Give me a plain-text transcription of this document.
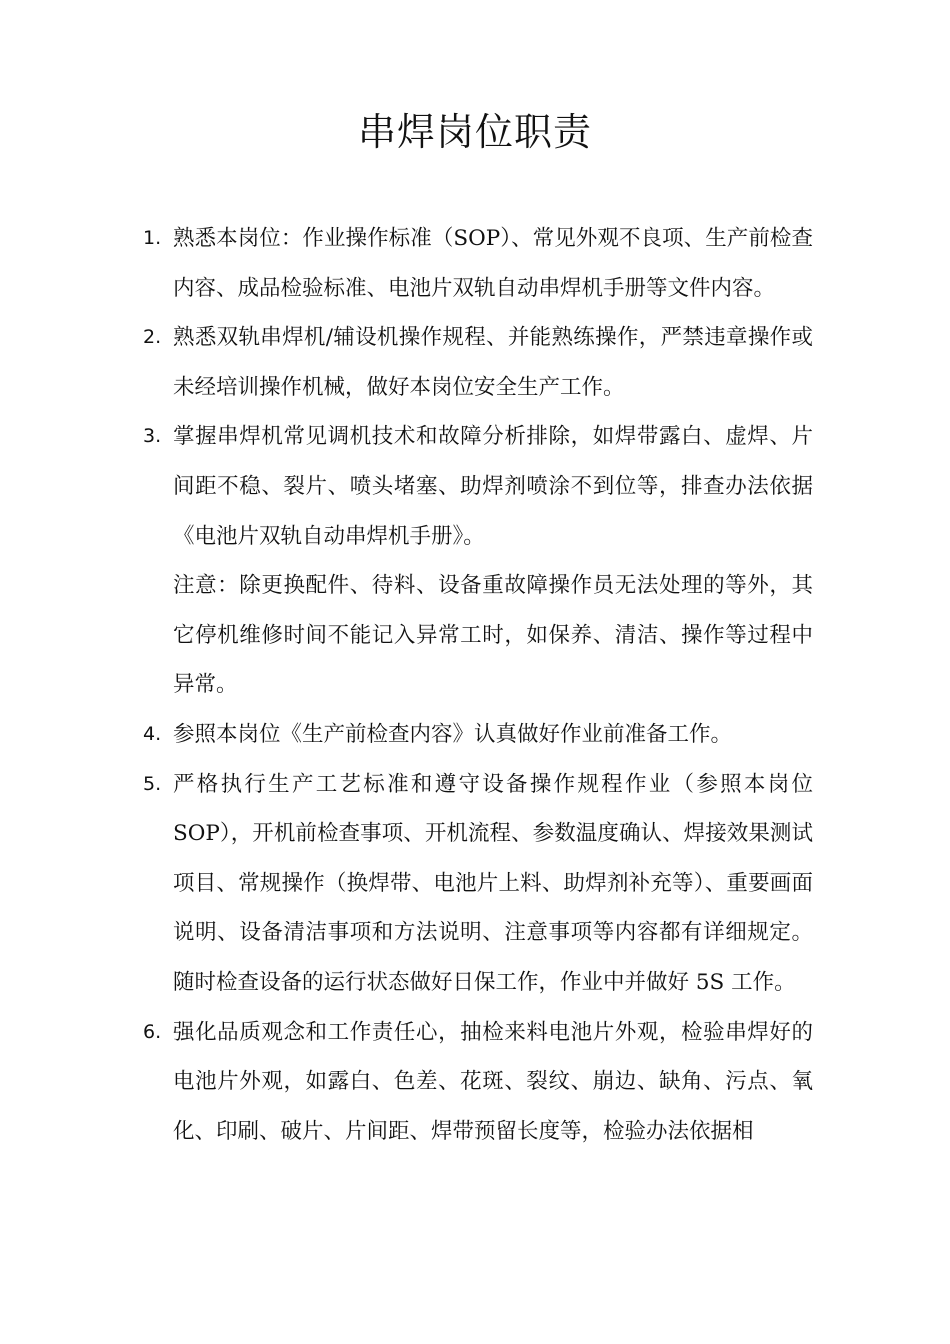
串焊岗位职责
1. 熟悉本岗位：作业操作标准（SOP）、常见外观不良项、生产前检查内容、成品检验标准、电池片双轨自动串焊机手册等文件内容。
2. 熟悉双轨串焊机/辅设机操作规程、并能熟练操作，严禁违章操作或未经培训操作机械，做好本岗位安全生产工作。
3. 掌握串焊机常见调机技术和故障分析排除，如焊带露白、虚焊、片间距不稳、裂片、喷头堵塞、助焊剂喷涂不到位等，排查办法依据《电池片双轨自动串焊机手册》。
注意：除更换配件、待料、设备重故障操作员无法处理的等外，其它停机维修时间不能记入异常工时，如保养、清洁、操作等过程中异常。
4. 参照本岗位《生产前检查内容》认真做好作业前准备工作。
5. 严格执行生产工艺标准和遵守设备操作规程作业（参照本岗位SOP），开机前检查事项、开机流程、参数温度确认、焊接效果测试项目、常规操作（换焊带、电池片上料、助焊剂补充等）、重要画面说明、设备清洁事项和方法说明、注意事项等内容都有详细规定。随时检查设备的运行状态做好日保工作，作业中并做好 5S 工作。
6. 强化品质观念和工作责任心，抽检来料电池片外观，检验串焊好的电池片外观，如露白、色差、花斑、裂纹、崩边、缺角、污点、氧化、印刷、破片、片间距、焊带预留长度等，检验办法依据相
